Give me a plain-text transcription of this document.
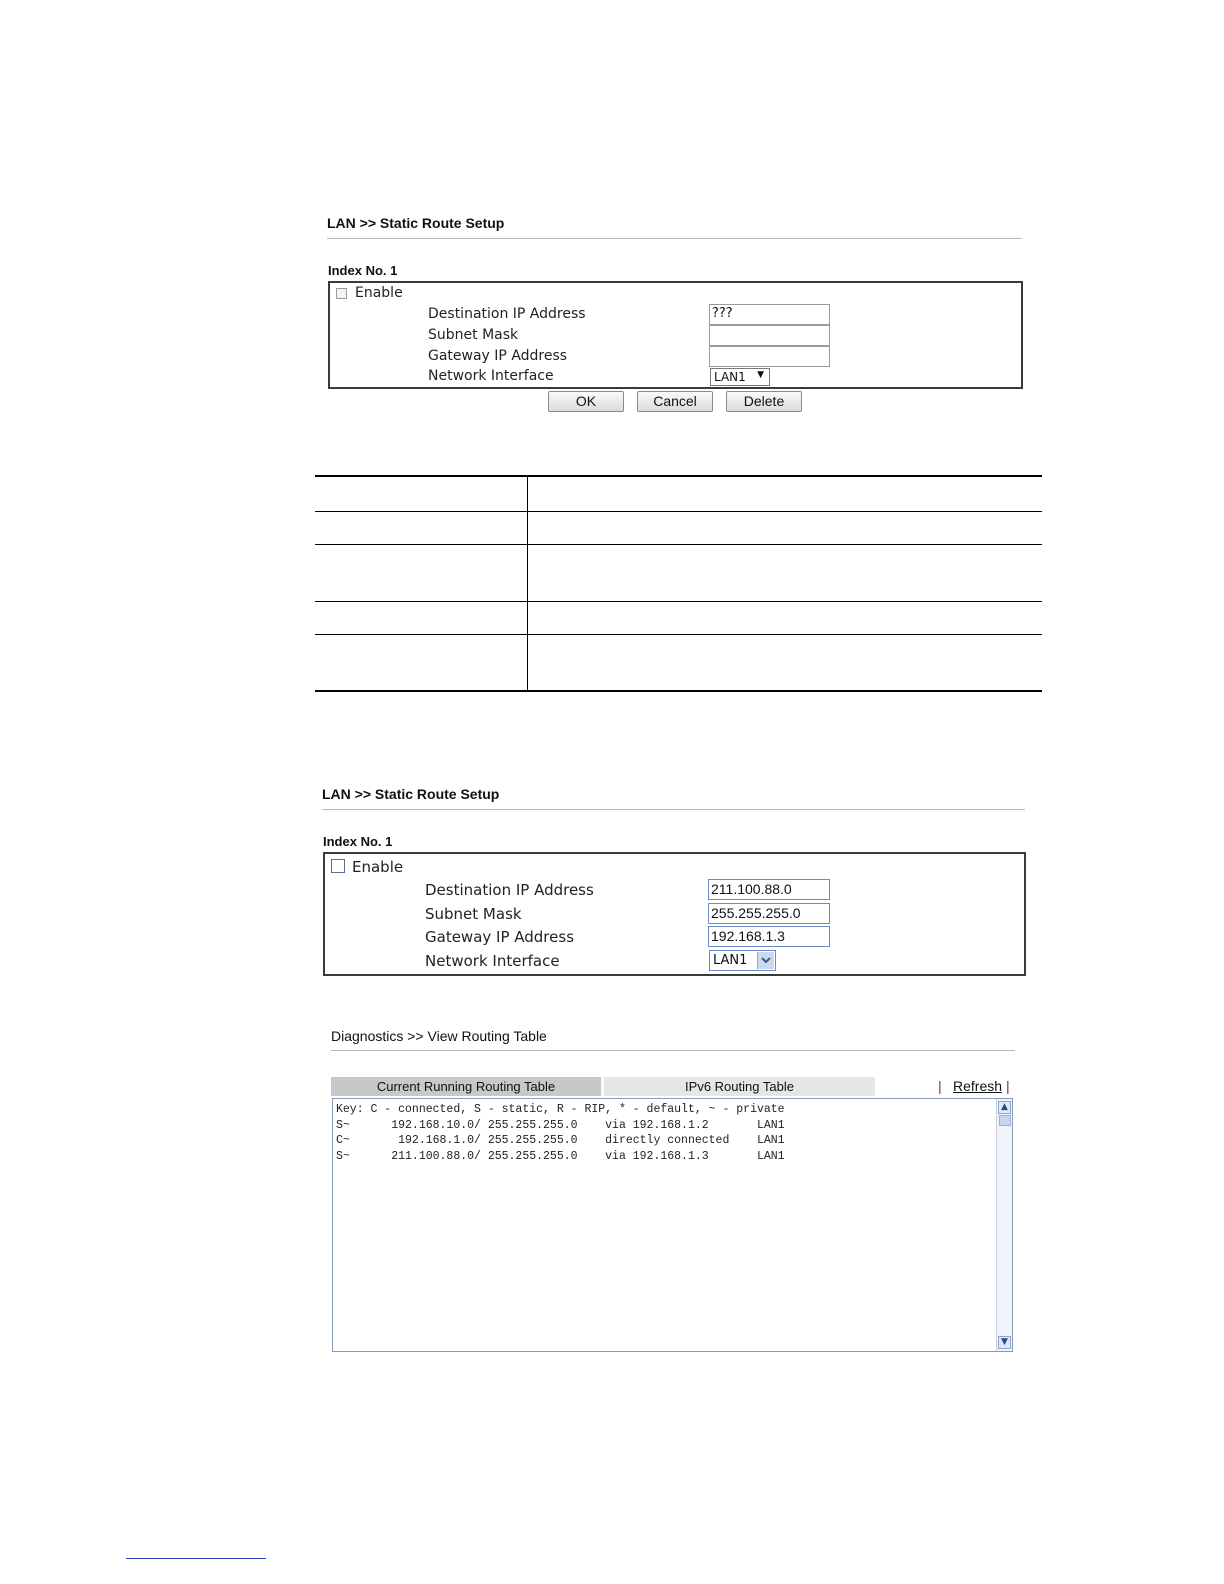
LAN >> Static Route Setup
Index No. 1
Enable
Destination IP Address	???
Subnet Mask
Gateway IP Address
Network Interface	LAN1 ▼
OK	Cancel	Delete
LAN >> Static Route Setup
Index No. 1
Enable
Destination IP Address	211.100.88.0
Subnet Mask	255.255.255.0
Gateway IP Address	192.168.1.3
Network Interface	LAN1
Diagnostics >> View Routing Table
Current Running Routing Table	IPv6 Routing Table	| Refresh |
Key: C - connected, S - static, R - RIP, * - default, ~ - private
S~      192.168.10.0/ 255.255.255.0    via 192.168.1.2       LAN1
C~       192.168.1.0/ 255.255.255.0    directly connected    LAN1
S~      211.100.88.0/ 255.255.255.0    via 192.168.1.3       LAN1
▲
▼
